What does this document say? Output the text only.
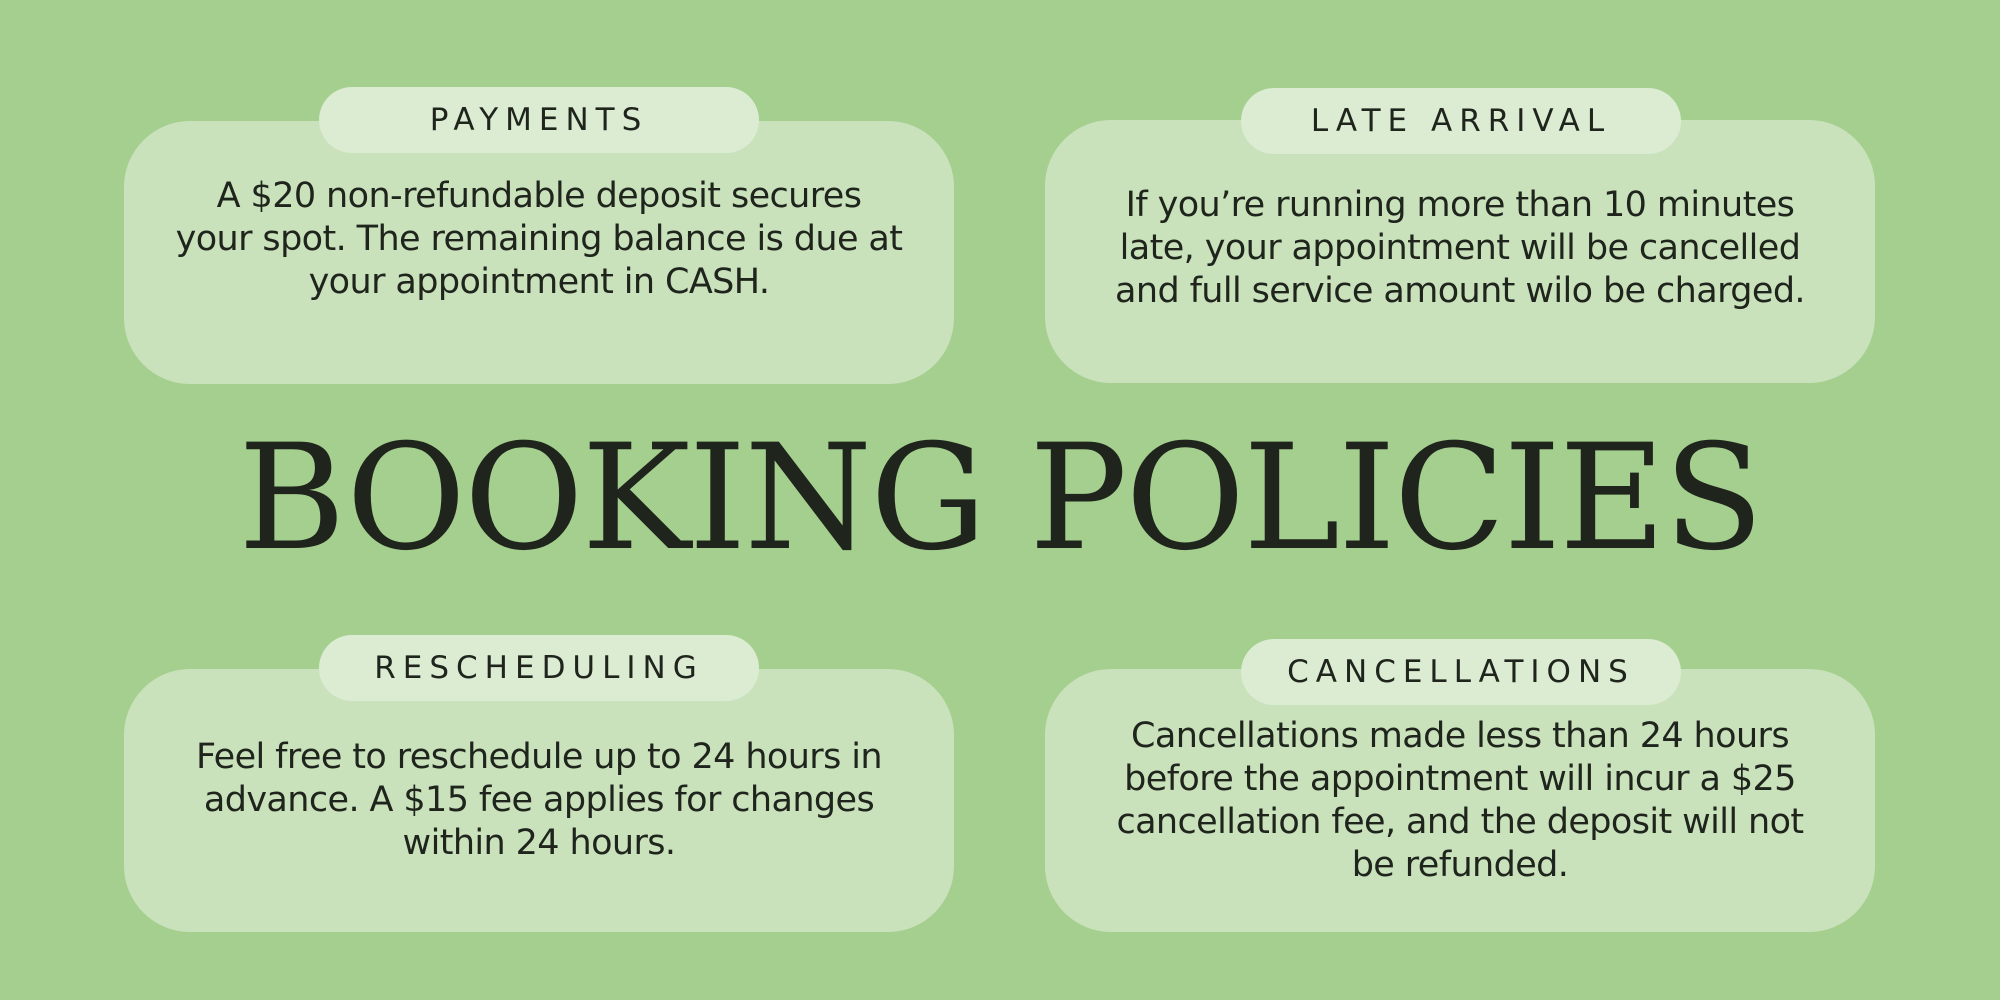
A $20 non-refundable deposit secures
your spot. The remaining balance is due at
your appointment in CASH.
PAYMENTS
If you’re running more than 10 minutes
late, your appointment will be cancelled
and full service amount wilo be charged.
LATE ARRIVAL
BOOKING POLICIES
Feel free to reschedule up to 24 hours in
advance. A $15 fee applies for changes
within 24 hours.
RESCHEDULING
Cancellations made less than 24 hours
before the appointment will incur a $25
cancellation fee, and the deposit will not
be refunded.
CANCELLATIONS
